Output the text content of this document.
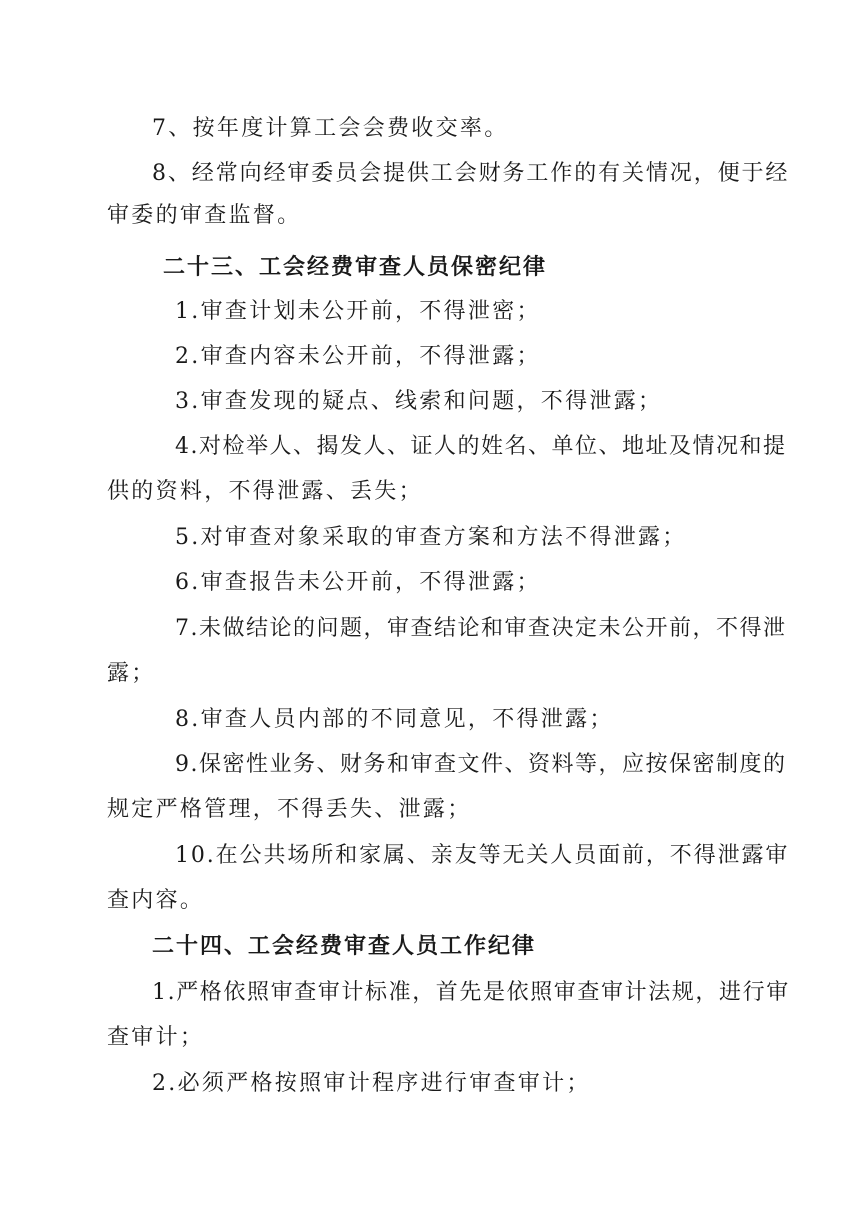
7、按年度计算工会会费收交率。
8、经常向经审委员会提供工会财务工作的有关情况，便于经
审委的审查监督。
二十三、工会经费审查人员保密纪律
1.审查计划未公开前，不得泄密；
2.审查内容未公开前，不得泄露；
3.审查发现的疑点、线索和问题，不得泄露；
4.对检举人、揭发人、证人的姓名、单位、地址及情况和提
供的资料，不得泄露、丢失；
5.对审查对象采取的审查方案和方法不得泄露；
6.审查报告未公开前，不得泄露；
7.未做结论的问题，审查结论和审查决定未公开前，不得泄
露；
8.审查人员内部的不同意见，不得泄露；
9.保密性业务、财务和审查文件、资料等，应按保密制度的
规定严格管理，不得丢失、泄露；
10.在公共场所和家属、亲友等无关人员面前，不得泄露审
查内容。
二十四、工会经费审查人员工作纪律
1.严格依照审查审计标准，首先是依照审查审计法规，进行审
查审计；
2.必须严格按照审计程序进行审查审计；
